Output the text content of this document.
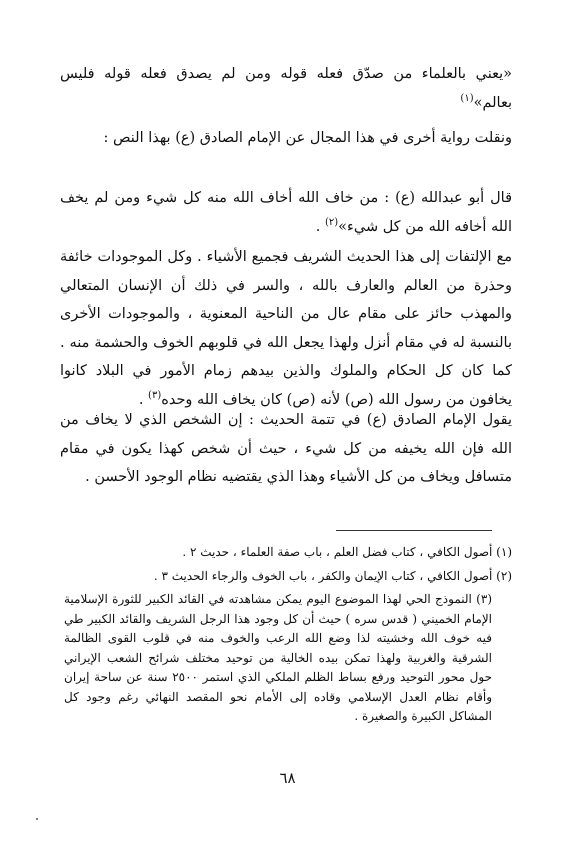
«يعني بالعلماء من صدّق فعله قوله ومن لم يصدق فعله قوله فليس بعالم»$^{(١)}$
ونقلت رواية أخرى في هذا المجال عن الإمام الصادق (ع) بهذا النص :
قال أبو عبدالله (ع) : من خاف الله أخاف الله منه كل شيء ومن لم يخف الله أخافه الله من كل شيء»$^{(٢)}$ .
مع الإلتفات إلى هذا الحديث الشريف فجميع الأشياء . وكل الموجودات خائفة وحذرة من العالم والعارف بالله ، والسر في ذلك أن الإنسان المتعالي والمهذب حائز على مقام عال من الناحية المعنوية ، والموجودات الأخرى بالنسبة له في مقام أنزل ولهذا يجعل الله في قلوبهم الخوف والحشمة منه . كما كان كل الحكام والملوك والذين بيدهم زمام الأمور في البلاد كانوا يخافون من رسول الله (ص) لأنه (ص) كان يخاف الله وحده$^{(٣)}$ .
يقول الإمام الصادق (ع) في تتمة الحديث : إن الشخص الذي لا يخاف من الله فإن الله يخيفه من كل شيء ، حيث أن شخص كهذا يكون في مقام متسافل ويخاف من كل الأشياء وهذا الذي يقتضيه نظام الوجود الأحسن .
(١) أصول الكافي ، كتاب فضل العلم ، باب صفة العلماء ، حديث ٢ .
(٢) أصول الكافي ، كتاب الإيمان والكفر ، باب الخوف والرجاء الحديث ٣ .
(٣) النموذج الحي لهذا الموضوع اليوم يمكن مشاهدته في القائد الكبير للثورة الإسلامية الإمام الخميني ( قدس سره ) حيث أن كل وجود هذا الرجل الشريف والقائد الكبير طي فيه خوف الله وخشيته لذا وضع الله الرعب والخوف منه في قلوب القوى الظالمة الشرقية والغربية ولهذا تمكن بيده الخالية من توحيد مختلف شرائح الشعب الإيراني حول محور التوحيد ورفع بساط الظلم الملكي الذي استمر ٢٥٠٠ سنة عن ساحة إيران وأقام نظام العدل الإسلامي وقاده إلى الأمام نحو المقصد النهائي رغم وجود كل المشاكل الكبيرة والصغيرة .
٦٨
